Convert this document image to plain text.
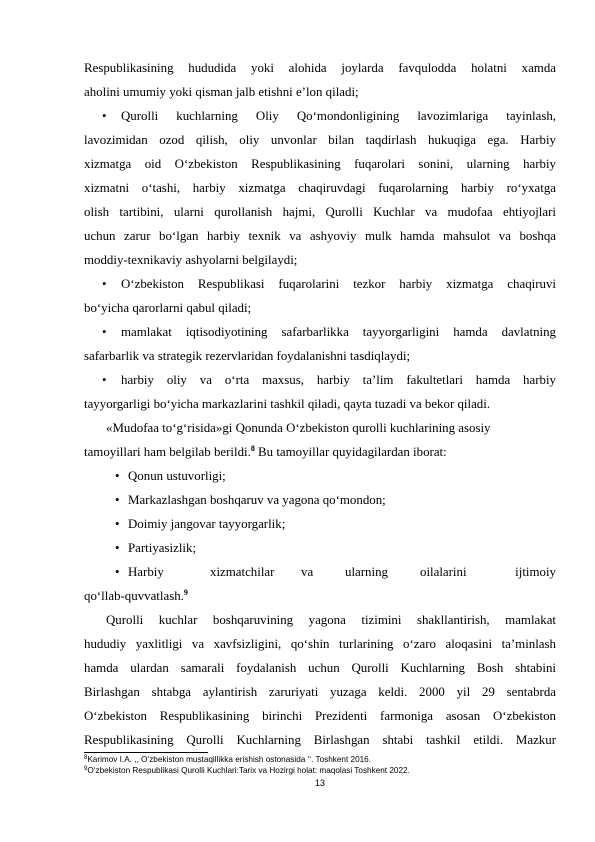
Respublikasining hududida yoki alohida joylarda favqulodda holatni xamda
aholini umumiy yoki qisman jalb etishni e’lon qiladi;
• Qurolli kuchlarning Oliy Qo‘mondonligining lavozimlariga tayinlash,
lavozimidan ozod qilish, oliy unvonlar bilan taqdirlash hukuqiga ega. Harbiy
xizmatga oid O‘zbekiston Respublikasining fuqarolari sonini, ularning harbiy
xizmatni o‘tashi, harbiy xizmatga chaqiruvdagi fuqarolarning harbiy ro‘yxatga
olish tartibini, ularni qurollanish hajmi, Qurolli Kuchlar va mudofaa ehtiyojlari
uchun zarur bo‘lgan harbiy texnik va ashyoviy mulk hamda mahsulot va boshqa
moddiy-texnikaviy ashyolarni belgilaydi;
• O‘zbekiston Respublikasi fuqarolarini tezkor harbiy xizmatga chaqiruvi
bo‘yicha qarorlarni qabul qiladi;
• mamlakat iqtisodiyotining safarbarlikka tayyorgarligini hamda davlatning
safarbarlik va strategik rezervlaridan foydalanishni tasdiqlaydi;
• harbiy oliy va o‘rta maxsus, harbiy ta’lim fakultetlari hamda harbiy
tayyorgarligi bo‘yicha markazlarini tashkil qiladi, qayta tuzadi va bekor qiladi.
«Mudofaa to‘g‘risida»gi Qonunda O‘zbekiston qurolli kuchlarining asosiy
tamoyillari ham belgilab berildi.$^8$ Bu tamoyillar quyidagilardan iborat:
• Qonun ustuvorligi;
• Markazlashgan boshqaruv va yagona qo‘mondon;
• Doimiy jangovar tayyorgarlik;
• Partiyasizlik;
• Harbiy	xizmatchilar va ularning oilalarini	ijtimoiy
qo‘llab-quvvatlash.$^9$
Qurolli kuchlar boshqaruvining yagona tizimini shakllantirish, mamlakat
hududiy yaxlitligi va xavfsizligini, qo‘shin turlarining o‘zaro aloqasini ta’minlash
hamda ulardan samarali foydalanish uchun Qurolli Kuchlarning Bosh shtabini
Birlashgan shtabga aylantirish zaruriyati yuzaga keldi. 2000 yil 29 sentabrda
O‘zbekiston Respublikasining birinchi Prezidenti farmoniga asosan O‘zbekiston
Respublikasining Qurolli Kuchlarning Birlashgan shtabi tashkil etildi. Mazkur
$^8$Karimov I.A. ,, O‘zbekiston mustaqillikka erishish ostonasida ‘‘. Toshkent 2016.
$^9$O‘zbekiston Respublikasi Qurolli Kuchlari:Tarix va Hozirgi holat: maqolasi Toshkent 2022.
13
